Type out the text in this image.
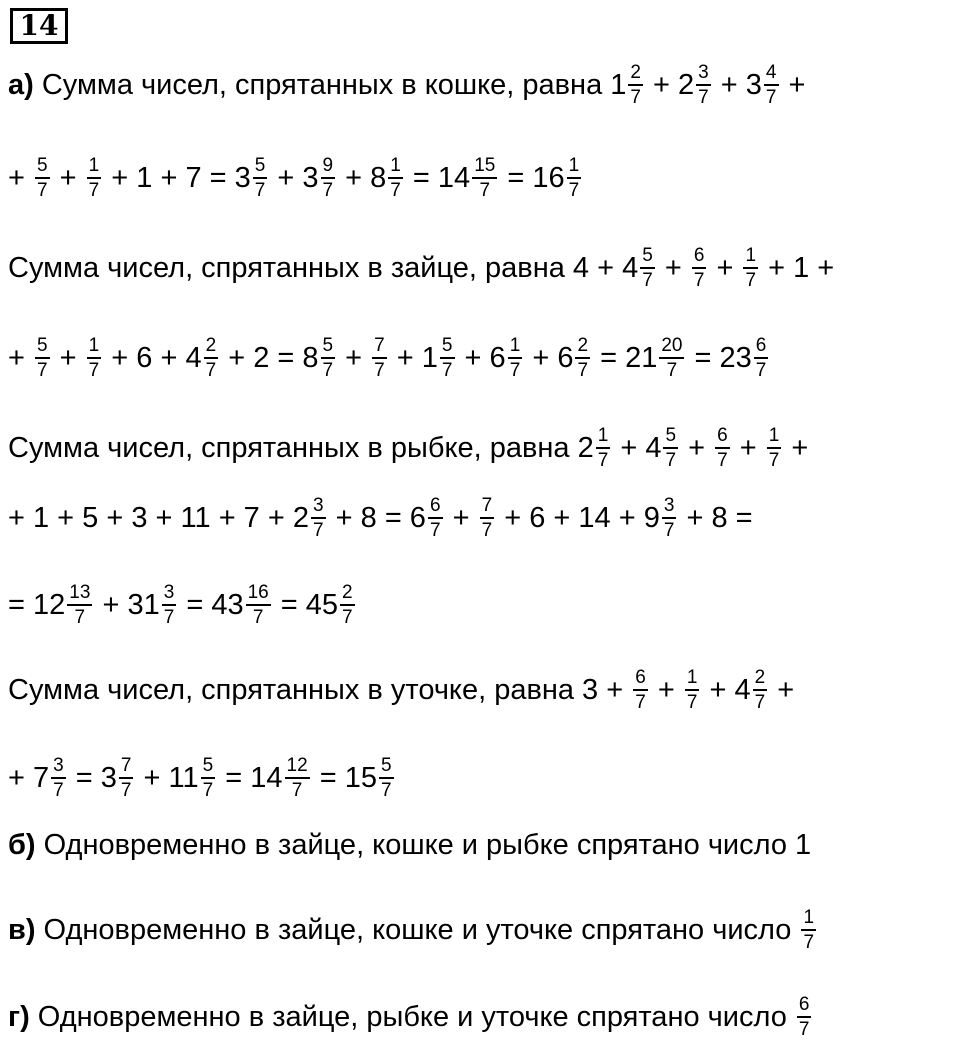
14
а) Сумма чисел, спрятанных в кошке, равна $1 \frac{2}{7} + 2 \frac{3}{7} + 3 \frac{4}{7}$ +
+ $\frac{5}{7} + \frac{1}{7} + 1 + 7 = 3 \frac{5}{7} + 3 \frac{9}{7} + 8 \frac{1}{7} = 14 \frac{15}{7} = 16 \frac{1}{7}$
Сумма чисел, спрятанных в зайце, равна $4 + 4 \frac{5}{7} + \frac{6}{7} + \frac{1}{7} + 1$ +
+ $\frac{5}{7} + \frac{1}{7} + 6 + 4 \frac{2}{7} + 2 = 8 \frac{5}{7} + \frac{7}{7} + 1 \frac{5}{7} + 6 \frac{1}{7} + 6 \frac{2}{7} = 21 \frac{20}{7} = 23 \frac{6}{7}$
Сумма чисел, спрятанных в рыбке, равна $2 \frac{1}{7} + 4 \frac{5}{7} + \frac{6}{7} + \frac{1}{7}$ +
+ $1 + 5 + 3 + 11 + 7 + 2 \frac{3}{7} + 8 = 6 \frac{6}{7} + \frac{7}{7} + 6 + 14 + 9 \frac{3}{7} + 8$ =
= $12 \frac{13}{7} + 31 \frac{3}{7} = 43 \frac{16}{7} = 45 \frac{2}{7}$
Сумма чисел, спрятанных в уточке, равна $3 + \frac{6}{7} + \frac{1}{7} + 4 \frac{2}{7}$ +
+ $7 \frac{3}{7} = 3 \frac{7}{7} + 11 \frac{5}{7} = 14 \frac{12}{7} = 15 \frac{5}{7}$
б) Одновременно в зайце, кошке и рыбке спрятано число 1
в) Одновременно в зайце, кошке и уточке спрятано число $\frac{1}{7}$
г) Одновременно в зайце, рыбке и уточке спрятано число $\frac{6}{7}$
